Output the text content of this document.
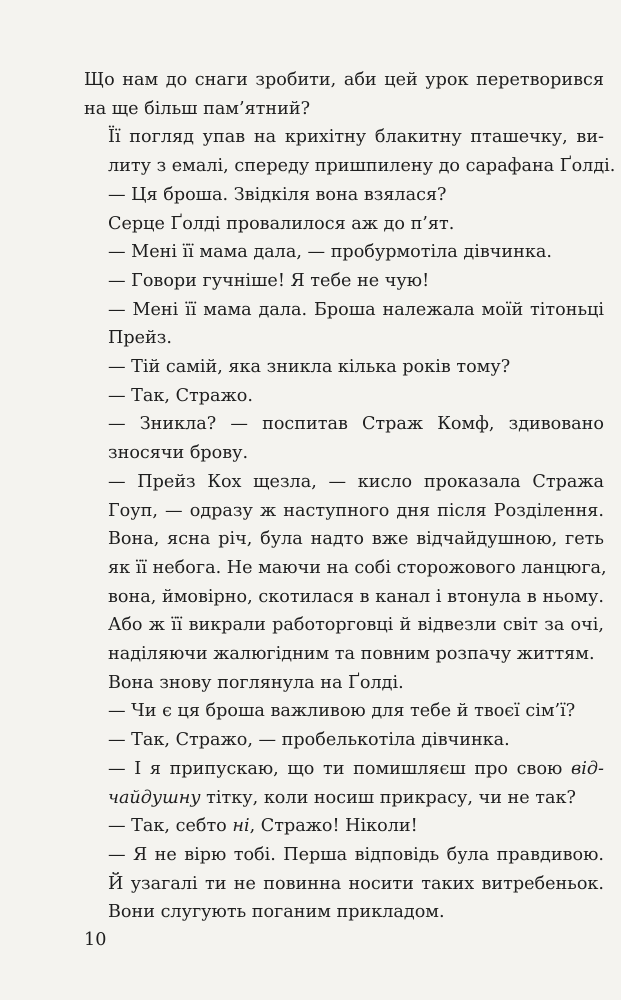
Що нам до снаги зробити, аби цей урок перетворився
на ще більш пам’ятний?

Її погляд упав на крихітну блакитну пташечку, ви-
литу з емалі, спереду пришпилену до сарафана Ґолді.

— Ця броша. Звідкіля вона взялася?

Серце Ґолді провалилося аж до п’ят.

— Мені її мама дала, — пробурмотіла дівчинка.

— Говори гучніше! Я тебе не чую!

— Мені її мама дала. Броша належала моїй тітоньці
Прейз.

— Тій самій, яка зникла кілька років тому?

— Так, Стражо.

— Зникла? — поспитав Страж Комф, здивовано
зносячи брову.

— Прейз Кох щезла, — кисло проказала Стража
Гоуп, — одразу ж наступного дня після Розділення.
Вона, ясна річ, була надто вже відчайдушною, геть
як її небога. Не маючи на собі сторожового ланцюга,
вона, ймовірно, скотилася в канал і втонула в ньому.
Або ж її викрали работорговці й відвезли світ за очі,
наділяючи жалюгідним та повним розпачу життям.

Вона знову поглянула на Ґолді.

— Чи є ця броша важливою для тебе й твоєї сім’ї?

— Так, Стражо, — пробелькотіла дівчинка.

— І я припускаю, що ти помишляєш про свою від-
чайдушну тітку, коли носиш прикрасу, чи не так?

— Так, себто ні, Стражо! Ніколи!

— Я не вірю тобі. Перша відповідь була правдивою.
Й узагалі ти не повинна носити таких витребеньок.
Вони слугують поганим прикладом.

10
